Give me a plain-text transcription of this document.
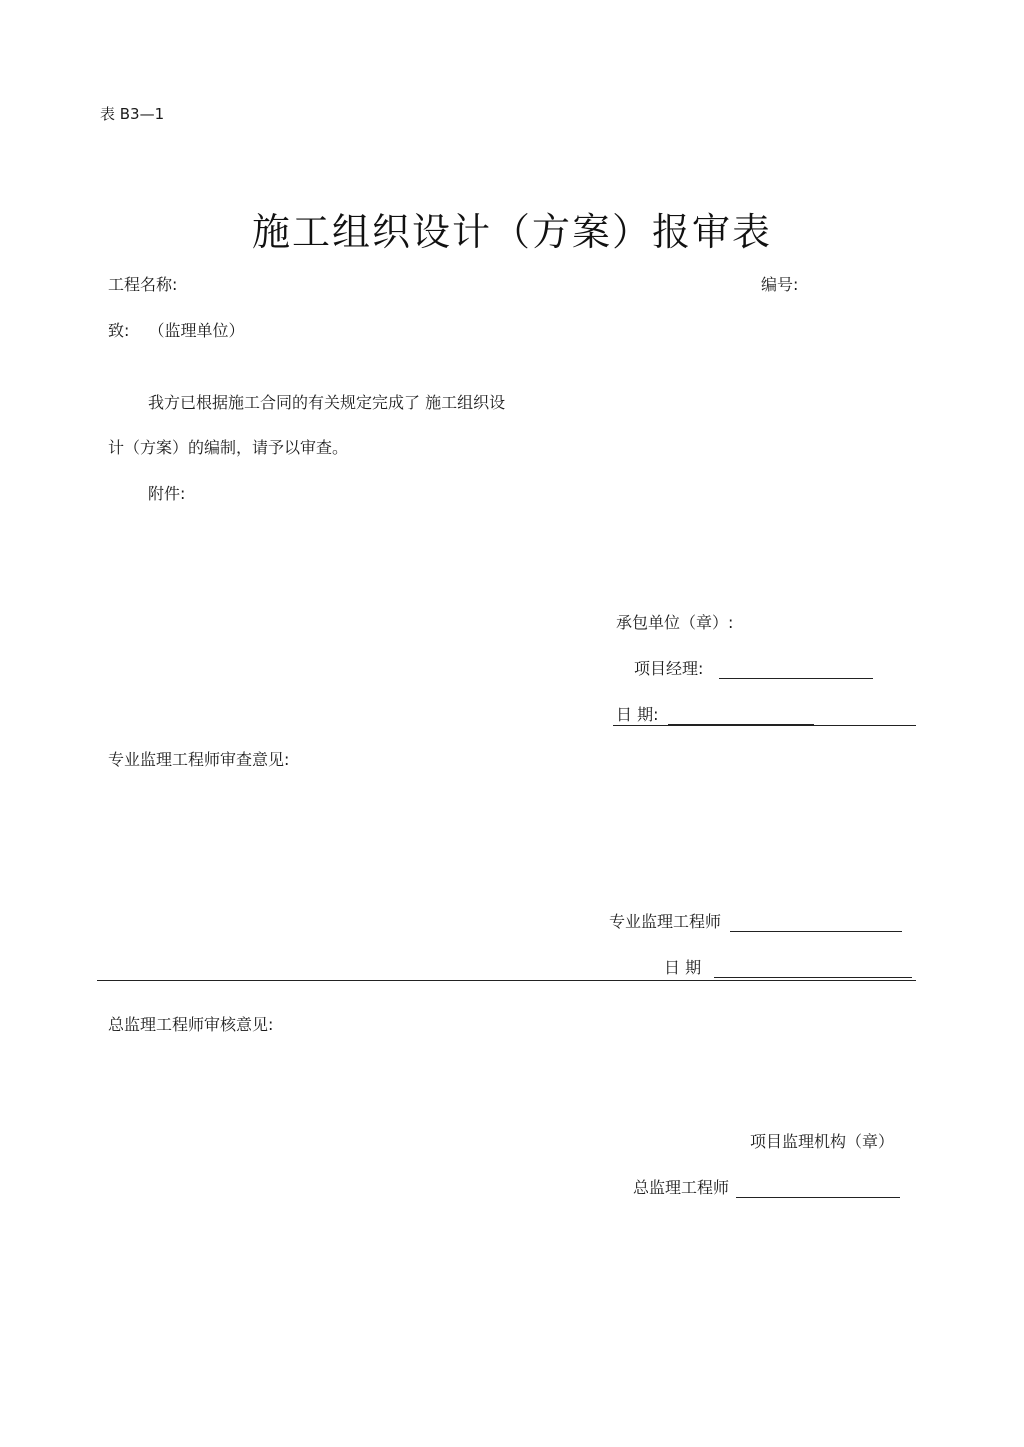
表 B3—1
施工组织设计（方案）报审表
工程名称:	编号:
致: （监理单位）
我方已根据施工合同的有关规定完成了 施工组织设
计（方案）的编制，请予以审查。
附件:
承包单位（章）:
项目经理:
日 期:
专业监理工程师审查意见:
专业监理工程师
日 期
总监理工程师审核意见:
项目监理机构（章）
总监理工程师
